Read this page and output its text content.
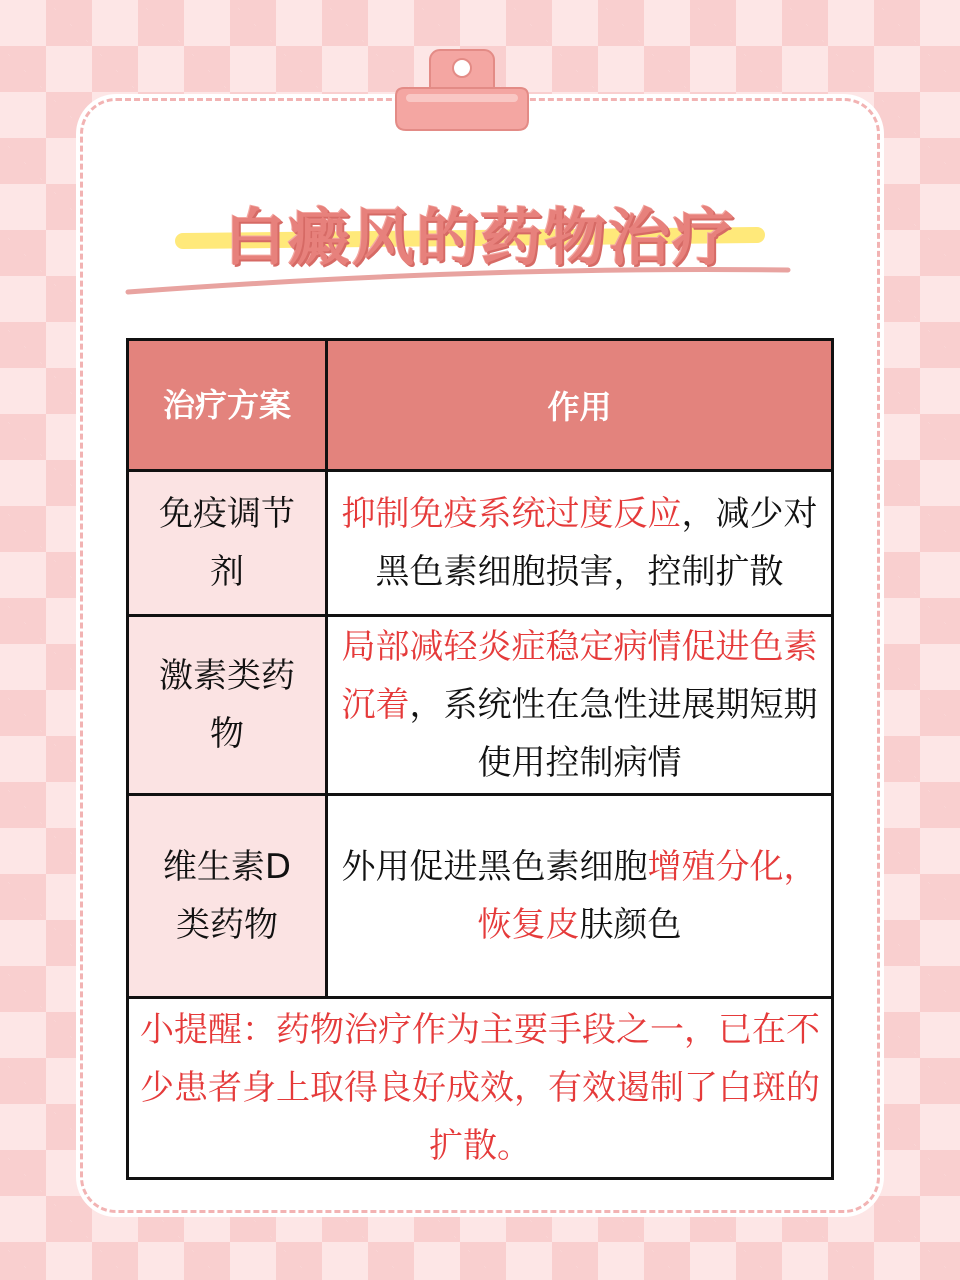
白癜风的药物治疗
治疗方案	作用
免疫调节剂	抑制免疫系统过度反应，减少对黑色素细胞损害，控制扩散
激素类药物	局部减轻炎症稳定病情促进色素沉着，系统性在急性进展期短期使用控制病情
维生素D 类药物	外用促进黑色素细胞增殖分化，恢复皮肤颜色
小提醒：药物治疗作为主要手段之一，已在不少患者身上取得良好成效，有效遏制了白斑的扩散。	
